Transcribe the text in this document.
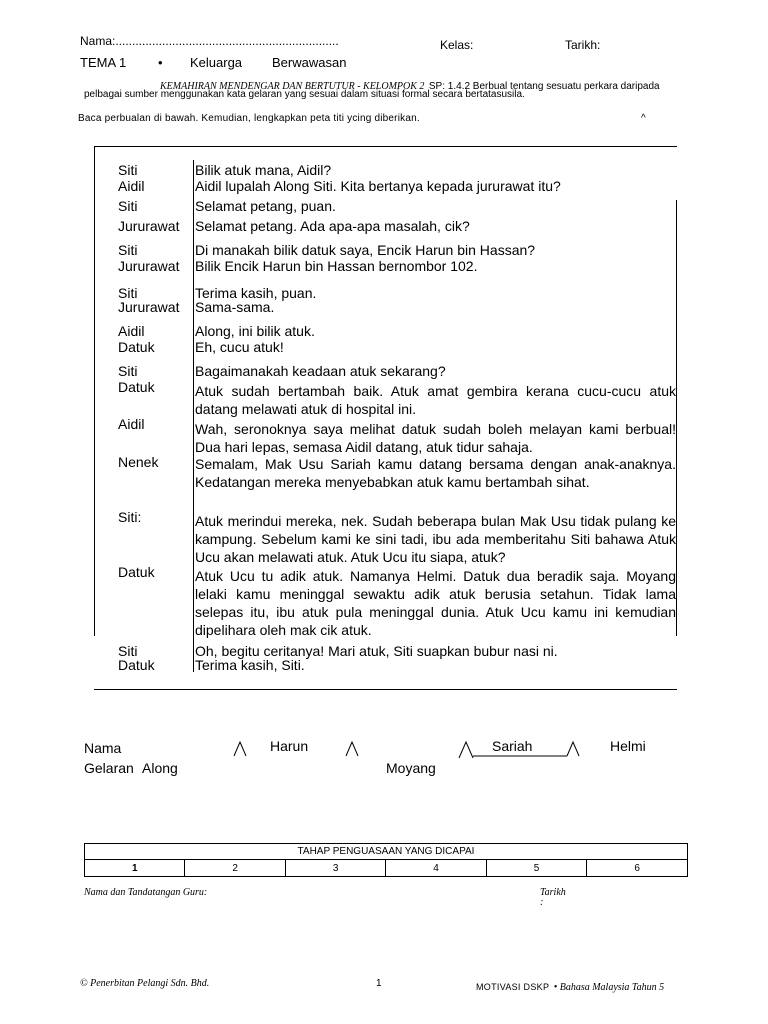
Nama:...................................................................	Kelas:	Tarikh:
TEMA 1 • Keluarga Berwawasan
KEMAHIRAN MENDENGAR DAN BERTUTUR - KELOMPOK 2 SP: 1.4.2 Berbual tentang sesuatu perkara daripada
pelbagai sumber menggunakan kata gelaran yang sesuai dalam situasi formal secara bertatasusila.
Baca perbualan di bawah. Kemudian, lengkapkan peta titi ycing diberikan.	^
Siti	Bilik atuk mana, Aidil?
Aidil	Aidil lupalah Along Siti. Kita bertanya kepada jururawat itu?
Siti	Selamat petang, puan.
Jururawat Selamat petang. Ada apa-apa masalah, cik?
Siti	Di manakah bilik datuk saya, Encik Harun bin Hassan?
Jururawat Bilik Encik Harun bin Hassan bernombor 102.
Siti	Terima kasih, puan.
Jururawat Sama-sama.
Aidil	Along, ini bilik atuk.
Datuk	Eh, cucu atuk!
Siti	Bagaimanakah keadaan atuk sekarang?
Datuk	Atuk sudah bertambah baik. Atuk amat gembira kerana cucu-cucu atuk datang melawati atuk di hospital ini.
Aidil	Wah, seronoknya saya melihat datuk sudah boleh melayan kami berbual! Dua hari lepas, semasa Aidil datang, atuk tidur sahaja.
Nenek	Semalam, Mak Usu Sariah kamu datang bersama dengan anak-anaknya. Kedatangan mereka menyebabkan atuk kamu bertambah sihat.
Siti:	Atuk merindui mereka, nek. Sudah beberapa bulan Mak Usu tidak pulang ke kampung. Sebelum kami ke sini tadi, ibu ada memberitahu Siti bahawa Atuk Ucu akan melawati atuk. Atuk Ucu itu siapa, atuk?
Datuk	Atuk Ucu tu adik atuk. Namanya Helmi. Datuk dua beradik saja. Moyang lelaki kamu meninggal sewaktu adik atuk berusia setahun. Tidak lama selepas itu, ibu atuk pula meninggal dunia. Atuk Ucu kamu ini kemudian dipelihara oleh mak cik atuk.
Siti	Oh, begitu ceritanya! Mari atuk, Siti suapkan bubur nasi ni.
Datuk	Terima kasih, Siti.
Nama	Harun	Sariah	Helmi
Gelaran Along	Moyang
TAHAP PENGUASAAN YANG DICAPAI
1	2	3	4	5	6
Nama dan Tandatangan Guru:	Tarikh
:
© Penerbitan Pelangi Sdn. Bhd.	1	MOTIVASI DSKP • Bahasa Malaysia Tahun 5
